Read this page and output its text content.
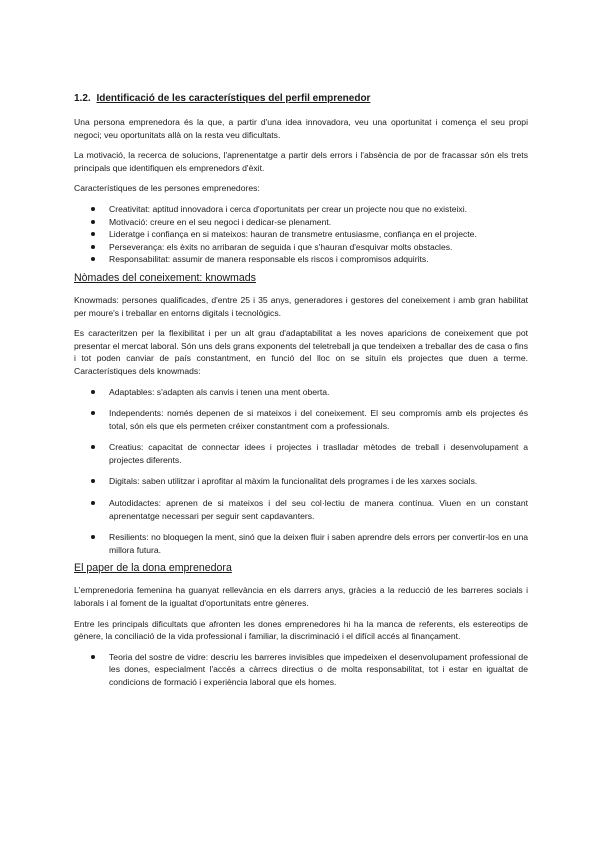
1.2. Identificació de les característiques del perfil emprenedor

Una persona emprenedora és la que, a partir d'una idea innovadora, veu una oportunitat i comença el seu propi negoci; veu oportunitats allà on la resta veu dificultats.

La motivació, la recerca de solucions, l'aprenentatge a partir dels errors i l'absència de por de fracassar són els trets principals que identifiquen els emprenedors d'èxit.

Característiques de les persones emprenedores:

Creativitat: aptitud innovadora i cerca d'oportunitats per crear un projecte nou que no existeixi.
Motivació: creure en el seu negoci i dedicar-se plenament.
Lideratge i confiança en si mateixos: hauran de transmetre entusiasme, confiança en el projecte.
Perseverança: els èxits no arribaran de seguida i que s'hauran d'esquivar molts obstacles.
Responsabilitat: assumir de manera responsable els riscos i compromisos adquirits.
Nòmades del coneixement: knowmads

Knowmads: persones qualificades, d'entre 25 i 35 anys, generadores i gestores del coneixement i amb gran habilitat per moure's i treballar en entorns digitals i tecnològics.

Es caracteritzen per la flexibilitat i per un alt grau d'adaptabilitat a les noves aparicions de coneixement que pot presentar el mercat laboral. Són uns dels grans exponents del teletreball ja que tendeixen a treballar des de casa o fins i tot poden canviar de país constantment, en funció del lloc on se situïn els projectes que duen a terme. Característiques dels knowmads:

Adaptables: s'adapten als canvis i tenen una ment oberta.
Independents: només depenen de si mateixos i del coneixement. El seu compromís amb els projectes és total, són els que els permeten créixer constantment com a professionals.
Creatius: capacitat de connectar idees i projectes i traslladar mètodes de treball i desenvolupament a projectes diferents.
Digitals: saben utilitzar i aprofitar al màxim la funcionalitat dels programes i de les xarxes socials.
Autodidactes: aprenen de si mateixos i del seu col·lectiu de manera contínua. Viuen en un constant aprenentatge necessari per seguir sent capdavanters.
Resilients: no bloquegen la ment, sinó que la deixen fluir i saben aprendre dels errors per convertir-los en una millora futura.
El paper de la dona emprenedora

L'emprenedoria femenina ha guanyat rellevància en els darrers anys, gràcies a la reducció de les barreres socials i laborals i al foment de la igualtat d'oportunitats entre gèneres.

Entre les principals dificultats que afronten les dones emprenedores hi ha la manca de referents, els estereotips de gènere, la conciliació de la vida professional i familiar, la discriminació i el difícil accés al finançament.

Teoria del sostre de vidre: descriu les barreres invisibles que impedeixen el desenvolupament professional de les dones, especialment l'accés a càrrecs directius o de molta responsabilitat, tot i estar en igualtat de condicions de formació i experiència laboral que els homes.
